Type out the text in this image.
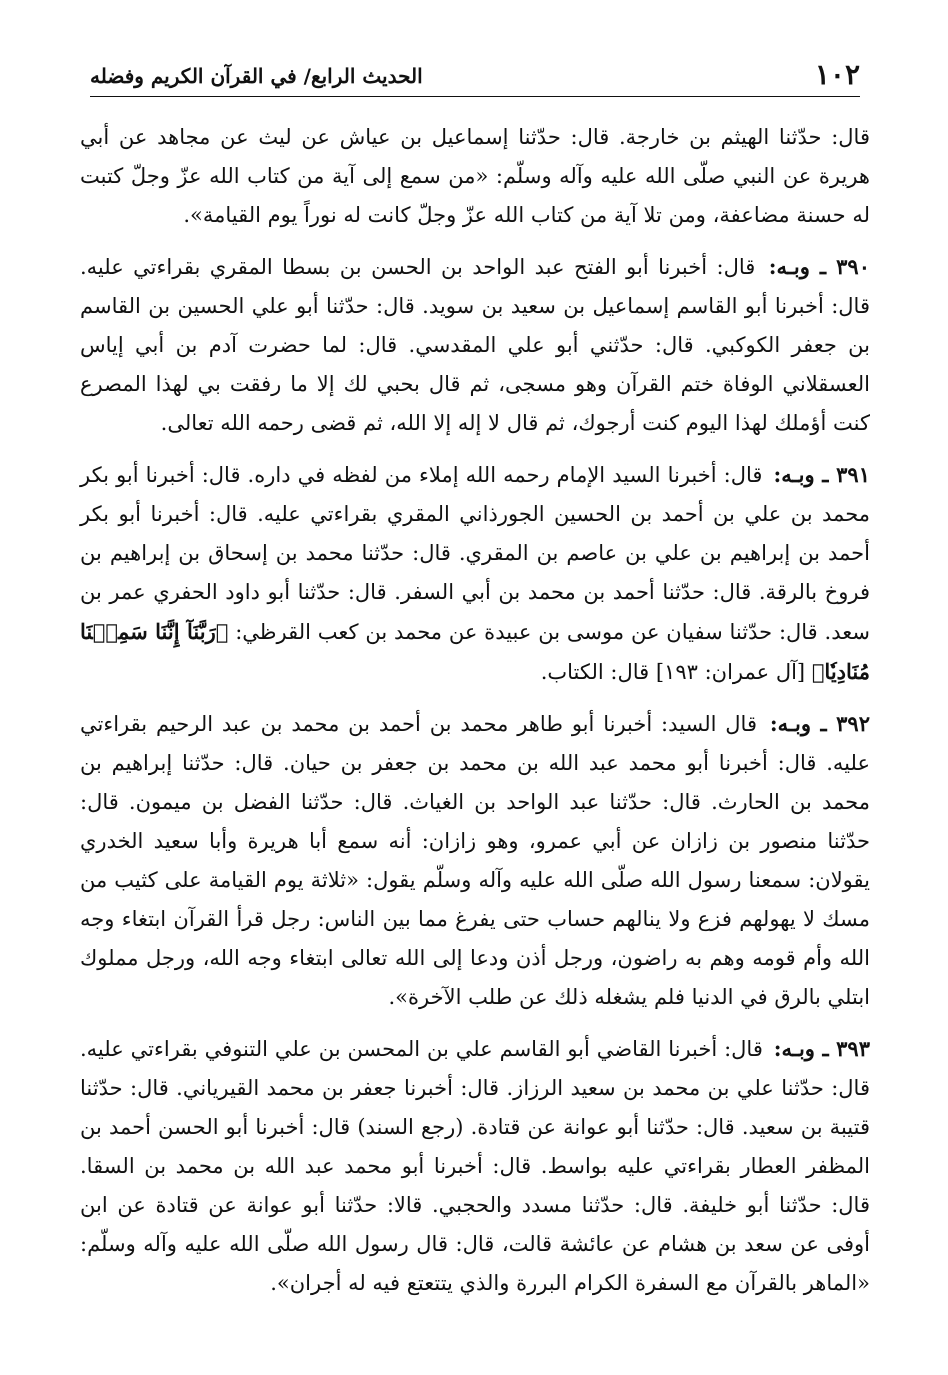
١٠٢
الحديث الرابع/ في القرآن الكريم وفضله

قال: حدّثنا الهيثم بن خارجة. قال: حدّثنا إسماعيل بن عياش عن ليث عن مجاهد عن أبي هريرة عن النبي صلّى الله عليه وآله وسلّم: «من سمع إلى آية من كتاب الله عزّ وجلّ كتبت له حسنة مضاعفة، ومن تلا آية من كتاب الله عزّ وجلّ كانت له نوراً يوم القيامة».

٣٩٠ ـ وبـه: قال: أخبرنا أبو الفتح عبد الواحد بن الحسن بن بسطا المقري بقراءتي عليه. قال: أخبرنا أبو القاسم إسماعيل بن سعيد بن سويد. قال: حدّثنا أبو علي الحسين بن القاسم بن جعفر الكوكبي. قال: حدّثني أبو علي المقدسي. قال: لما حضرت آدم بن أبي إياس العسقلاني الوفاة ختم القرآن وهو مسجى، ثم قال بحبي لك إلا ما رفقت بي لهذا المصرع كنت أؤملك لهذا اليوم كنت أرجوك، ثم قال لا إله إلا الله، ثم قضى رحمه الله تعالى.

٣٩١ ـ وبـه: قال: أخبرنا السيد الإمام رحمه الله إملاء من لفظه في داره. قال: أخبرنا أبو بكر محمد بن علي بن أحمد بن الحسين الجورذاني المقري بقراءتي عليه. قال: أخبرنا أبو بكر أحمد بن إبراهيم بن علي بن عاصم بن المقري. قال: حدّثنا محمد بن إسحاق بن إبراهيم بن فروخ بالرقة. قال: حدّثنا أحمد بن محمد بن أبي السفر. قال: حدّثنا أبو داود الحفري عمر بن سعد. قال: حدّثنا سفيان عن موسى بن عبيدة عن محمد بن كعب القرظي: ﴿رَبَّنَآ إِنَّنَا سَمِعۡنَا مُنَادِيٗا﴾ [آل عمران: ١٩٣] قال: الكتاب.

٣٩٢ ـ وبـه: قال السيد: أخبرنا أبو طاهر محمد بن أحمد بن محمد بن عبد الرحيم بقراءتي عليه. قال: أخبرنا أبو محمد عبد الله بن محمد بن جعفر بن حيان. قال: حدّثنا إبراهيم بن محمد بن الحارث. قال: حدّثنا عبد الواحد بن الغياث. قال: حدّثنا الفضل بن ميمون. قال: حدّثنا منصور بن زازان عن أبي عمرو، وهو زازان: أنه سمع أبا هريرة وأبا سعيد الخدري يقولان: سمعنا رسول الله صلّى الله عليه وآله وسلّم يقول: «ثلاثة يوم القيامة على كثيب من مسك لا يهولهم فزع ولا ينالهم حساب حتى يفرغ مما بين الناس: رجل قرأ القرآن ابتغاء وجه الله وأم قومه وهم به راضون، ورجل أذن ودعا إلى الله تعالى ابتغاء وجه الله، ورجل مملوك ابتلي بالرق في الدنيا فلم يشغله ذلك عن طلب الآخرة».

٣٩٣ ـ وبـه: قال: أخبرنا القاضي أبو القاسم علي بن المحسن بن علي التنوفي بقراءتي عليه. قال: حدّثنا علي بن محمد بن سعيد الرزاز. قال: أخبرنا جعفر بن محمد القيرياني. قال: حدّثنا قتيبة بن سعيد. قال: حدّثنا أبو عوانة عن قتادة. (رجع السند) قال: أخبرنا أبو الحسن أحمد بن المظفر العطار بقراءتي عليه بواسط. قال: أخبرنا أبو محمد عبد الله بن محمد بن السقا. قال: حدّثنا أبو خليفة. قال: حدّثنا مسدد والحجبي. قالا: حدّثنا أبو عوانة عن قتادة عن ابن أوفى عن سعد بن هشام عن عائشة قالت، قال: قال رسول الله صلّى الله عليه وآله وسلّم: «الماهر بالقرآن مع السفرة الكرام البررة والذي يتتعتع فيه له أجران».
